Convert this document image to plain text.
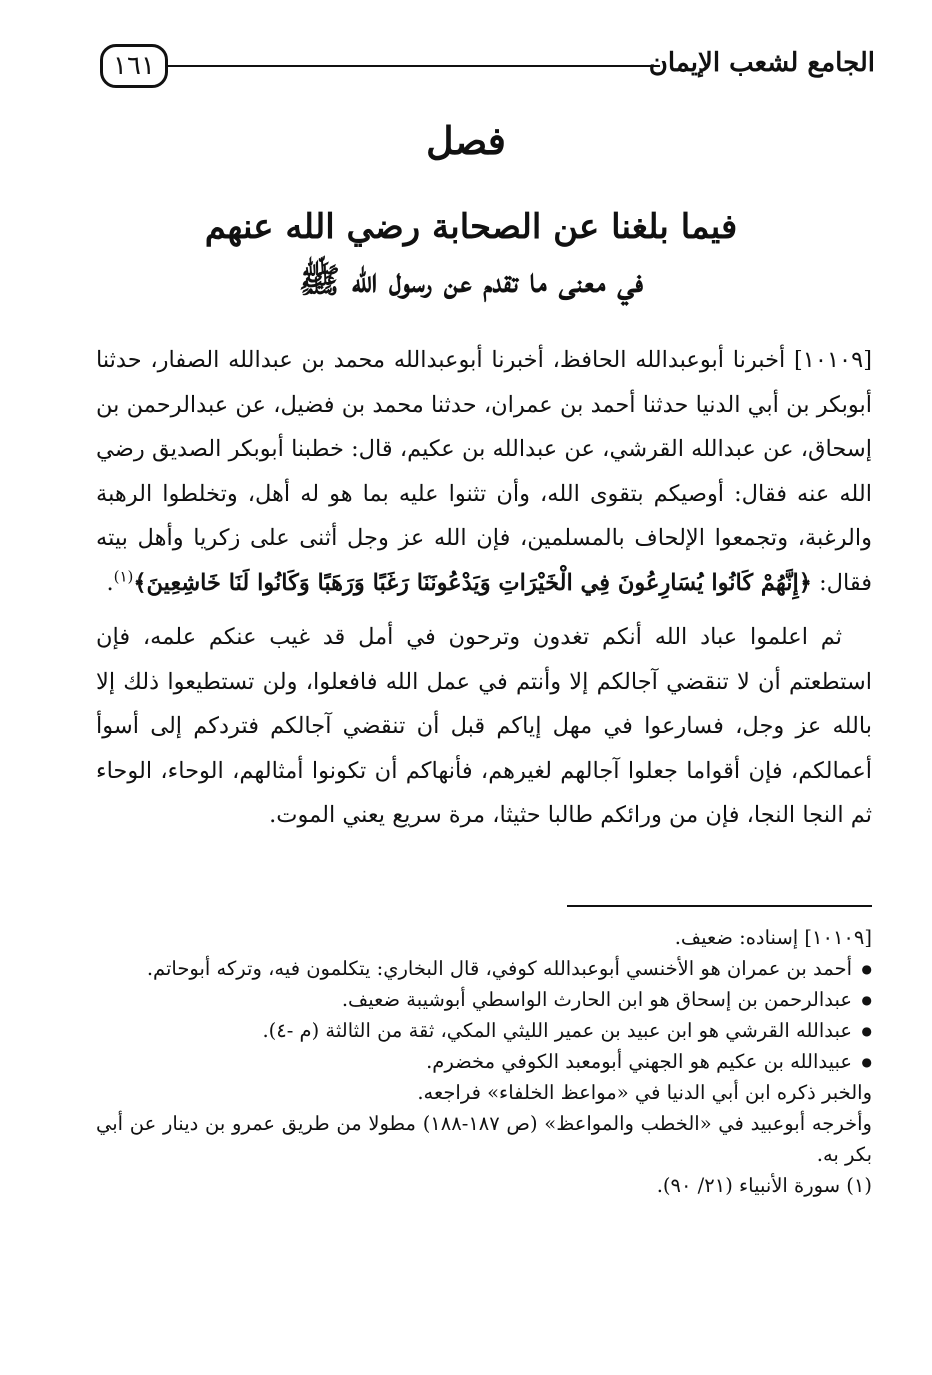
١٦١	الجامع لشعب الإيمان
فصل
فيما بلغنا عن الصحابة رضي الله عنهم
في معنى ما تقدم عن رسول الله ﷺ

[١٠١٠٩] أخبرنا أبوعبدالله الحافظ، أخبرنا أبوعبدالله محمد بن عبدالله الصفار، حدثنا أبوبكر بن أبي الدنيا حدثنا أحمد بن عمران، حدثنا محمد بن فضيل، عن عبدالرحمن بن إسحاق، عن عبدالله القرشي، عن عبدالله بن عكيم، قال: خطبنا أبوبكر الصديق رضي الله عنه فقال: أوصيكم بتقوى الله، وأن تثنوا عليه بما هو له أهل، وتخلطوا الرهبة والرغبة، وتجمعوا الإلحاف بالمسلمين، فإن الله عز وجل أثنى على زكريا وأهل بيته فقال: ﴿إِنَّهُمْ كَانُوا يُسَارِعُونَ فِي الْخَيْرَاتِ وَيَدْعُونَنَا رَغَبًا وَرَهَبًا وَكَانُوا لَنَا خَاشِعِينَ﴾$^{(١)}$.

ثم اعلموا عباد الله أنكم تغدون وترحون في أمل قد غيب عنكم علمه، فإن استطعتم أن لا تنقضي آجالكم إلا وأنتم في عمل الله فافعلوا، ولن تستطيعوا ذلك إلا بالله عز وجل، فسارعوا في مهل إياكم قبل أن تنقضي آجالكم فتردكم إلى أسوأ أعمالكم، فإن أقواما جعلوا آجالهم لغيرهم، فأنهاكم أن تكونوا أمثالهم، الوحاء، الوحاء ثم النجا النجا، فإن من ورائكم طالبا حثيثا، مرة سريع يعني الموت.

[١٠١٠٩] إسناده: ضعيف.
● أحمد بن عمران هو الأخنسي أبوعبدالله كوفي، قال البخاري: يتكلمون فيه، وتركه أبوحاتم.
● عبدالرحمن بن إسحاق هو ابن الحارث الواسطي أبوشيبة ضعيف.
● عبدالله القرشي هو ابن عبيد بن عمير الليثي المكي، ثقة من الثالثة (م -٤).
● عبيدالله بن عكيم هو الجهني أبومعبد الكوفي مخضرم.
والخبر ذكره ابن أبي الدنيا في «مواعظ الخلفاء» فراجعه.
وأخرجه أبوعبيد في «الخطب والمواعظ» (ص ١٨٧-١٨٨) مطولا من طريق عمرو بن دينار عن أبي بكر به.
(١) سورة الأنبياء (٢١/ ٩٠).
